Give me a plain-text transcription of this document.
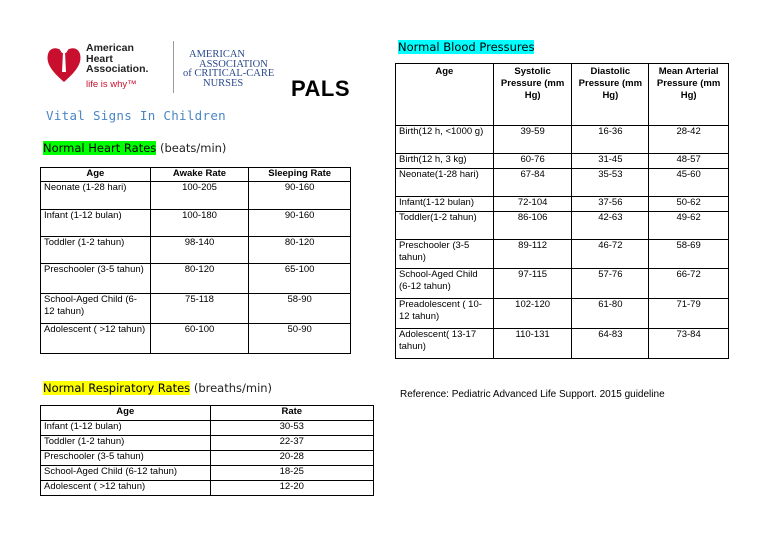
American
Heart
Association.
life is why™
AMERICAN
ASSOCIATION
of CRITICAL-CARE
NURSES	PALS
Vital Signs In Children
Normal Heart Rates (beats/min)
Age	Awake Rate	Sleeping Rate
Neonate (1-28 hari)	100-205	90-160
Infant (1-12 bulan)	100-180	90-160
Toddler (1-2 tahun)	98-140	80-120
Preschooler (3-5 tahun)	80-120	65-100
School-Aged Child (6-12 tahun)	75-118	58-90
Adolescent ( >12 tahun)	60-100	50-90
Normal Respiratory Rates (breaths/min)
Age	Rate
Infant (1-12 bulan)	30-53
Toddler (1-2 tahun)	22-37
Preschooler (3-5 tahun)	20-28
School-Aged Child (6-12 tahun)	18-25
Adolescent ( >12 tahun)	12-20
Normal Blood Pressures
Age	Systolic Pressure (mm Hg)	Diastolic Pressure (mm Hg)	Mean Arterial Pressure (mm Hg)
Birth(12 h, <1000 g)	39-59	16-36	28-42
Birth(12 h, 3 kg)	60-76	31-45	48-57
Neonate(1-28 hari)	67-84	35-53	45-60
Infant(1-12 bulan)	72-104	37-56	50-62
Toddler(1-2 tahun)	86-106	42-63	49-62
Preschooler (3-5 tahun)	89-112	46-72	58-69
School-Aged Child (6-12 tahun)	97-115	57-76	66-72
Preadolescent ( 10-12 tahun)	102-120	61-80	71-79
Adolescent( 13-17 tahun)	110-131	64-83	73-84
Reference: Pediatric Advanced Life Support. 2015 guideline
